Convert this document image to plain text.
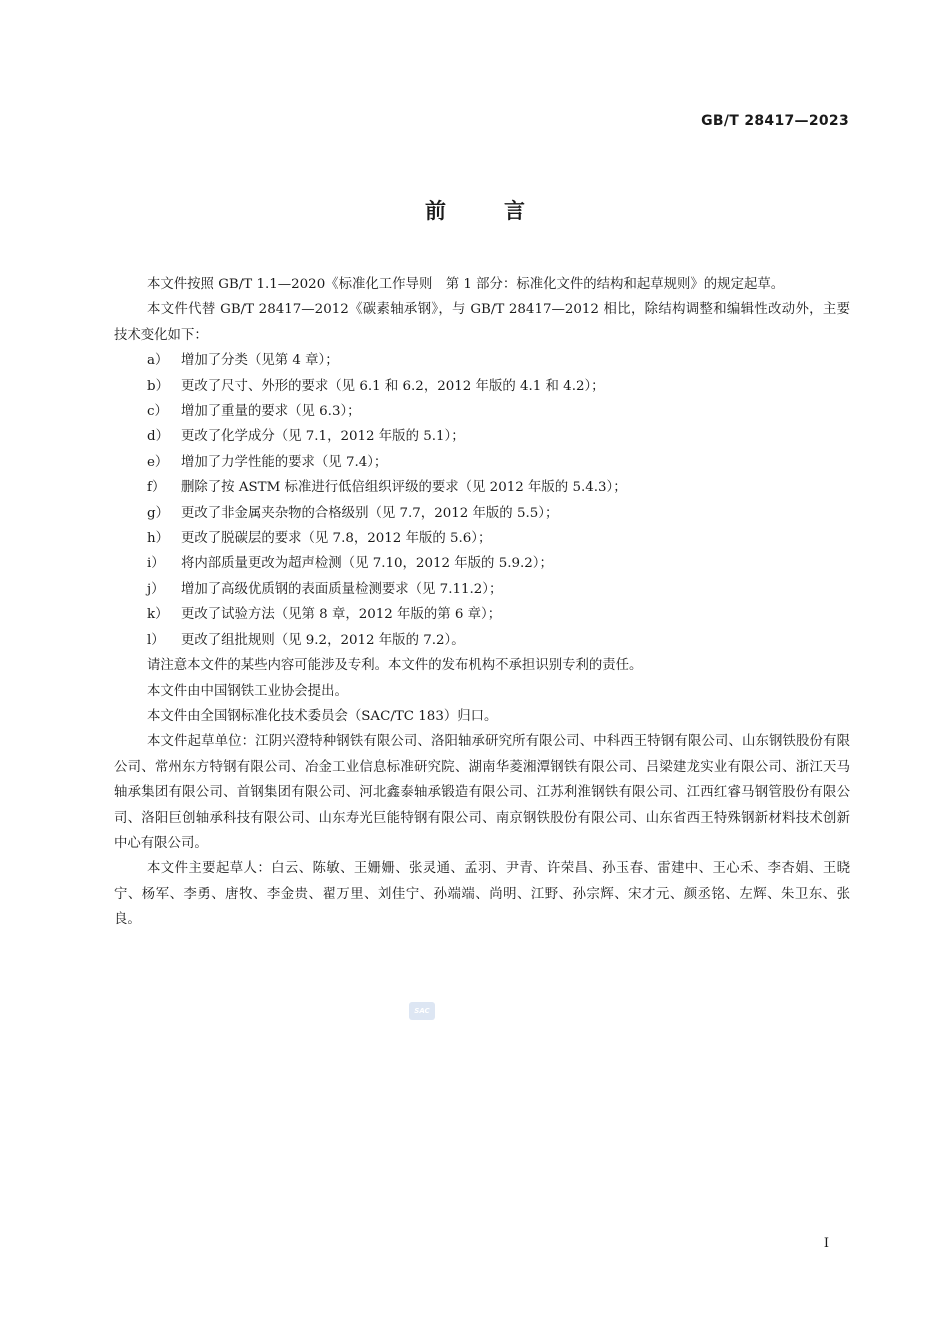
GB/T 28417—2023
前	言

本文件按照 GB/T 1.1—2020《标准化工作导则　第 1 部分：标准化文件的结构和起草规则》的规定起草。

本文件代替 GB/T 28417—2012《碳素轴承钢》，与 GB/T 28417—2012 相比，除结构调整和编辑性改动外，主要技术变化如下：

a） 增加了分类（见第 4 章）；

b） 更改了尺寸、外形的要求（见 6.1 和 6.2，2012 年版的 4.1 和 4.2）；

c） 增加了重量的要求（见 6.3）；

d） 更改了化学成分（见 7.1，2012 年版的 5.1）；

e） 增加了力学性能的要求（见 7.4）；

f） 删除了按 ASTM 标准进行低倍组织评级的要求（见 2012 年版的 5.4.3）；

g） 更改了非金属夹杂物的合格级别（见 7.7，2012 年版的 5.5）；

h） 更改了脱碳层的要求（见 7.8，2012 年版的 5.6）；

i） 将内部质量更改为超声检测（见 7.10，2012 年版的 5.9.2）；

j） 增加了高级优质钢的表面质量检测要求（见 7.11.2）；

k） 更改了试验方法（见第 8 章，2012 年版的第 6 章）；

l） 更改了组批规则（见 9.2，2012 年版的 7.2）。

请注意本文件的某些内容可能涉及专利。本文件的发布机构不承担识别专利的责任。

本文件由中国钢铁工业协会提出。

本文件由全国钢标准化技术委员会（SAC/TC 183）归口。

本文件起草单位：江阴兴澄特种钢铁有限公司、洛阳轴承研究所有限公司、中科西王特钢有限公司、山东钢铁股份有限公司、常州东方特钢有限公司、冶金工业信息标准研究院、湖南华菱湘潭钢铁有限公司、吕梁建龙实业有限公司、浙江天马轴承集团有限公司、首钢集团有限公司、河北鑫泰轴承锻造有限公司、江苏利淮钢铁有限公司、江西红睿马钢管股份有限公司、洛阳巨创轴承科技有限公司、山东寿光巨能特钢有限公司、南京钢铁股份有限公司、山东省西王特殊钢新材料技术创新中心有限公司。

本文件主要起草人：白云、陈敏、王姗姗、张灵通、孟羽、尹青、许荣昌、孙玉春、雷建中、王心禾、李杏娟、王晓宁、杨军、李勇、唐牧、李金贵、翟万里、刘佳宁、孙端端、尚明、江野、孙宗辉、宋才元、颜丞铭、左辉、朱卫东、张良。

SAC
I
